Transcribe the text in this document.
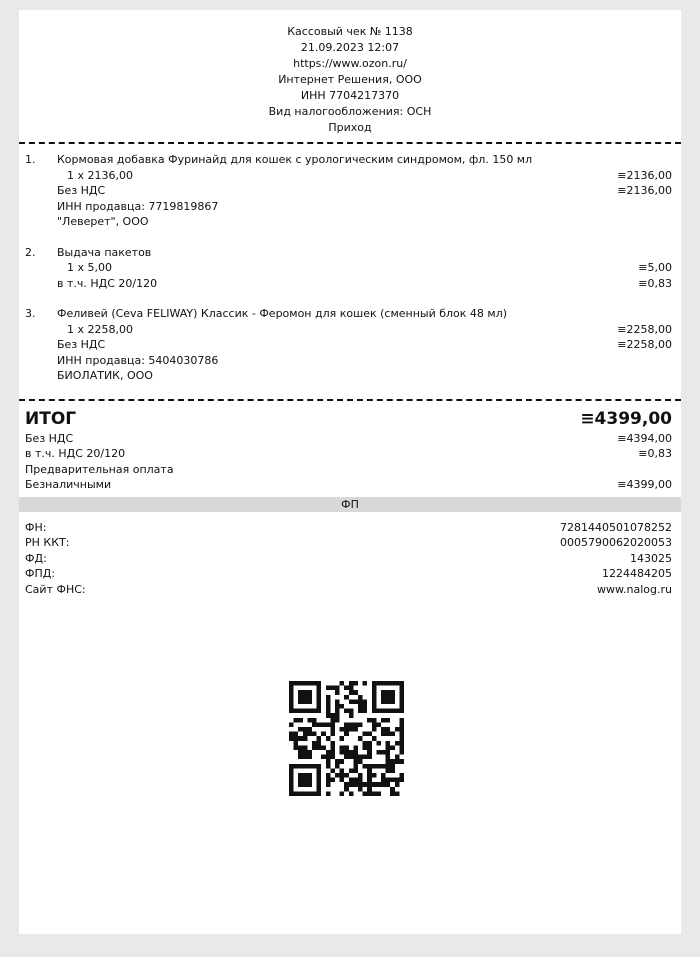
Кассовый чек № 1138
21.09.2023 12:07
https://www.ozon.ru/
Интернет Решения, ООО
ИНН 7704217370
Вид налогообложения: ОСН
Приход
1. Кормовая добавка Фуринайд для кошек с урологическим синдромом, фл. 150 мл
1 x 2136,00	≡2136,00
Без НДС	≡2136,00
ИНН продавца: 7719819867
"Леверет", ООО
2. Выдача пакетов
1 x 5,00	≡5,00
в т.ч. НДС 20/120	≡0,83
3. Феливей (Ceva FELIWAY) Классик - Феромон для кошек (сменный блок 48 мл)
1 x 2258,00	≡2258,00
Без НДС	≡2258,00
ИНН продавца: 5404030786
БИОЛАТИК, ООО
ИТОГ	≡4399,00
Без НДС	≡4394,00
в т.ч. НДС 20/120	≡0,83
Предварительная оплата
Безналичными	≡4399,00
ФП
ФН:	7281440501078252
РН ККТ:	0005790062020053
ФД:	143025
ФПД:	1224484205
Сайт ФНС:	www.nalog.ru
